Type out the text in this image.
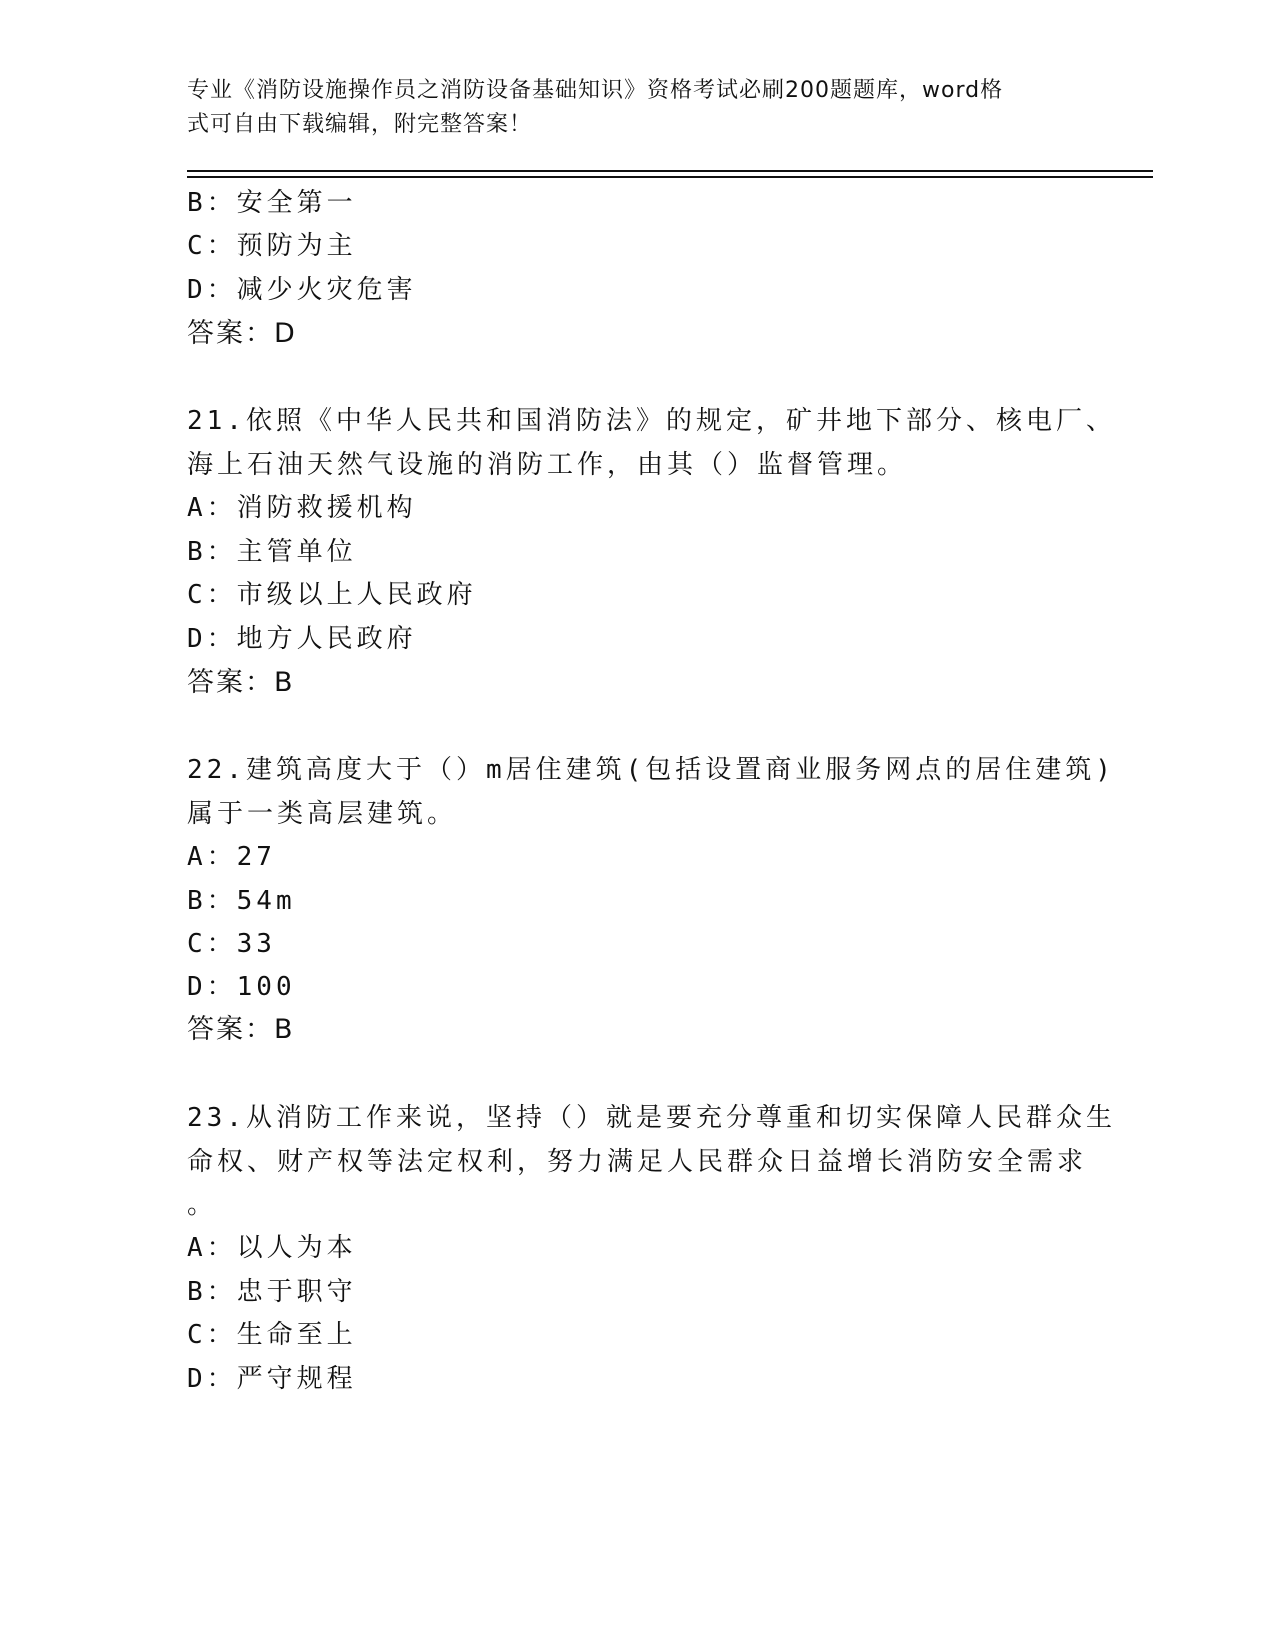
专业《消防设施操作员之消防设备基础知识》资格考试必刷200题题库，word格
式可自由下载编辑，附完整答案！
B：安全第一
C：预防为主
D：减少火灾危害
答案：D
21.依照《中华人民共和国消防法》的规定，矿井地下部分、核电厂、
海上石油天然气设施的消防工作，由其（）监督管理。
A：消防救援机构
B：主管单位
C：市级以上人民政府
D：地方人民政府
答案：B
22.建筑高度大于（）m居住建筑(包括设置商业服务网点的居住建筑)
属于一类高层建筑。
A：27
B：54m
C：33
D：100
答案：B
23.从消防工作来说，坚持（）就是要充分尊重和切实保障人民群众生
命权、财产权等法定权利，努力满足人民群众日益增长消防安全需求
。
A：以人为本
B：忠于职守
C：生命至上
D：严守规程
